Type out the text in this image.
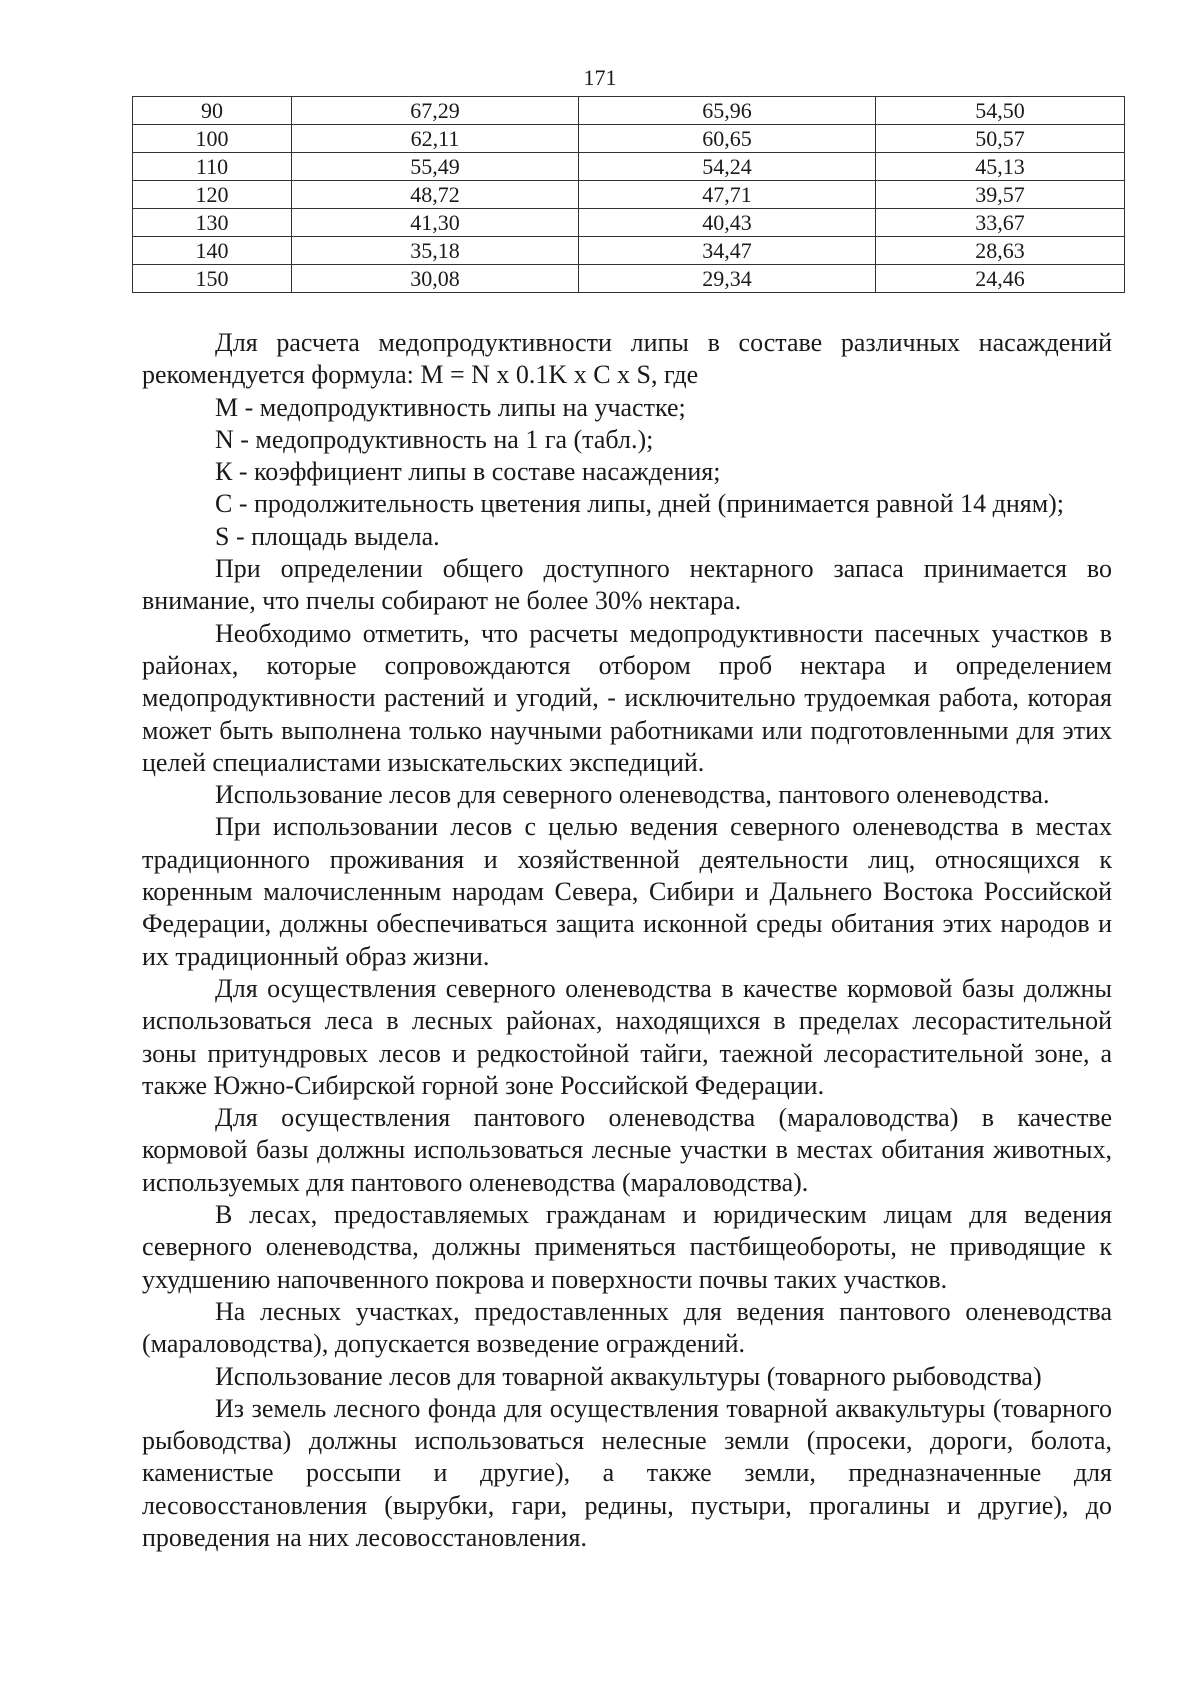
171
90	67,29	65,96	54,50
100	62,11	60,65	50,57
110	55,49	54,24	45,13
120	48,72	47,71	39,57
130	41,30	40,43	33,67
140	35,18	34,47	28,63
150	30,08	29,34	24,46

Для расчета медопродуктивности липы в составе различных насаждений рекомендуется формула: М = N x 0.1K x C x S, где

М - медопродуктивность липы на участке;

N - медопродуктивность на 1 га (табл.);

К - коэффициент липы в составе насаждения;

С - продолжительность цветения липы, дней (принимается равной 14 дням);

S - площадь выдела.

При определении общего доступного нектарного запаса принимается во внимание, что пчелы собирают не более 30% нектара.

Необходимо отметить, что расчеты медопродуктивности пасечных участков в районах, которые сопровождаются отбором проб нектара и определением медопродуктивности растений и угодий, - исключительно трудоемкая работа, которая может быть выполнена только научными работниками или подготовленными для этих целей специалистами изыскательских экспедиций.

Использование лесов для северного оленеводства, пантового оленеводства.

При использовании лесов с целью ведения северного оленеводства в местах традиционного проживания и хозяйственной деятельности лиц, относящихся к коренным малочисленным народам Севера, Сибири и Дальнего Востока Российской Федерации, должны обеспечиваться защита исконной среды обитания этих народов и их традиционный образ жизни.

Для осуществления северного оленеводства в качестве кормовой базы должны использоваться леса в лесных районах, находящихся в пределах лесорастительной зоны притундровых лесов и редкостойной тайги, таежной лесорастительной зоне, а также Южно-Сибирской горной зоне Российской Федерации.

Для осуществления пантового оленеводства (мараловодства) в качестве кормовой базы должны использоваться лесные участки в местах обитания животных, используемых для пантового оленеводства (мараловодства).

В лесах, предоставляемых гражданам и юридическим лицам для ведения северного оленеводства, должны применяться пастбищеобороты, не приводящие к ухудшению напочвенного покрова и поверхности почвы таких участков.

На лесных участках, предоставленных для ведения пантового оленеводства (мараловодства), допускается возведение ограждений.

Использование лесов для товарной аквакультуры (товарного рыбоводства)

Из земель лесного фонда для осуществления товарной аквакультуры (товарного рыбоводства) должны использоваться нелесные земли (просеки, дороги, болота, каменистые россыпи и другие), а также земли, предназначенные для лесовосстановления (вырубки, гари, редины, пустыри, прогалины и другие), до проведения на них лесовосстановления.
